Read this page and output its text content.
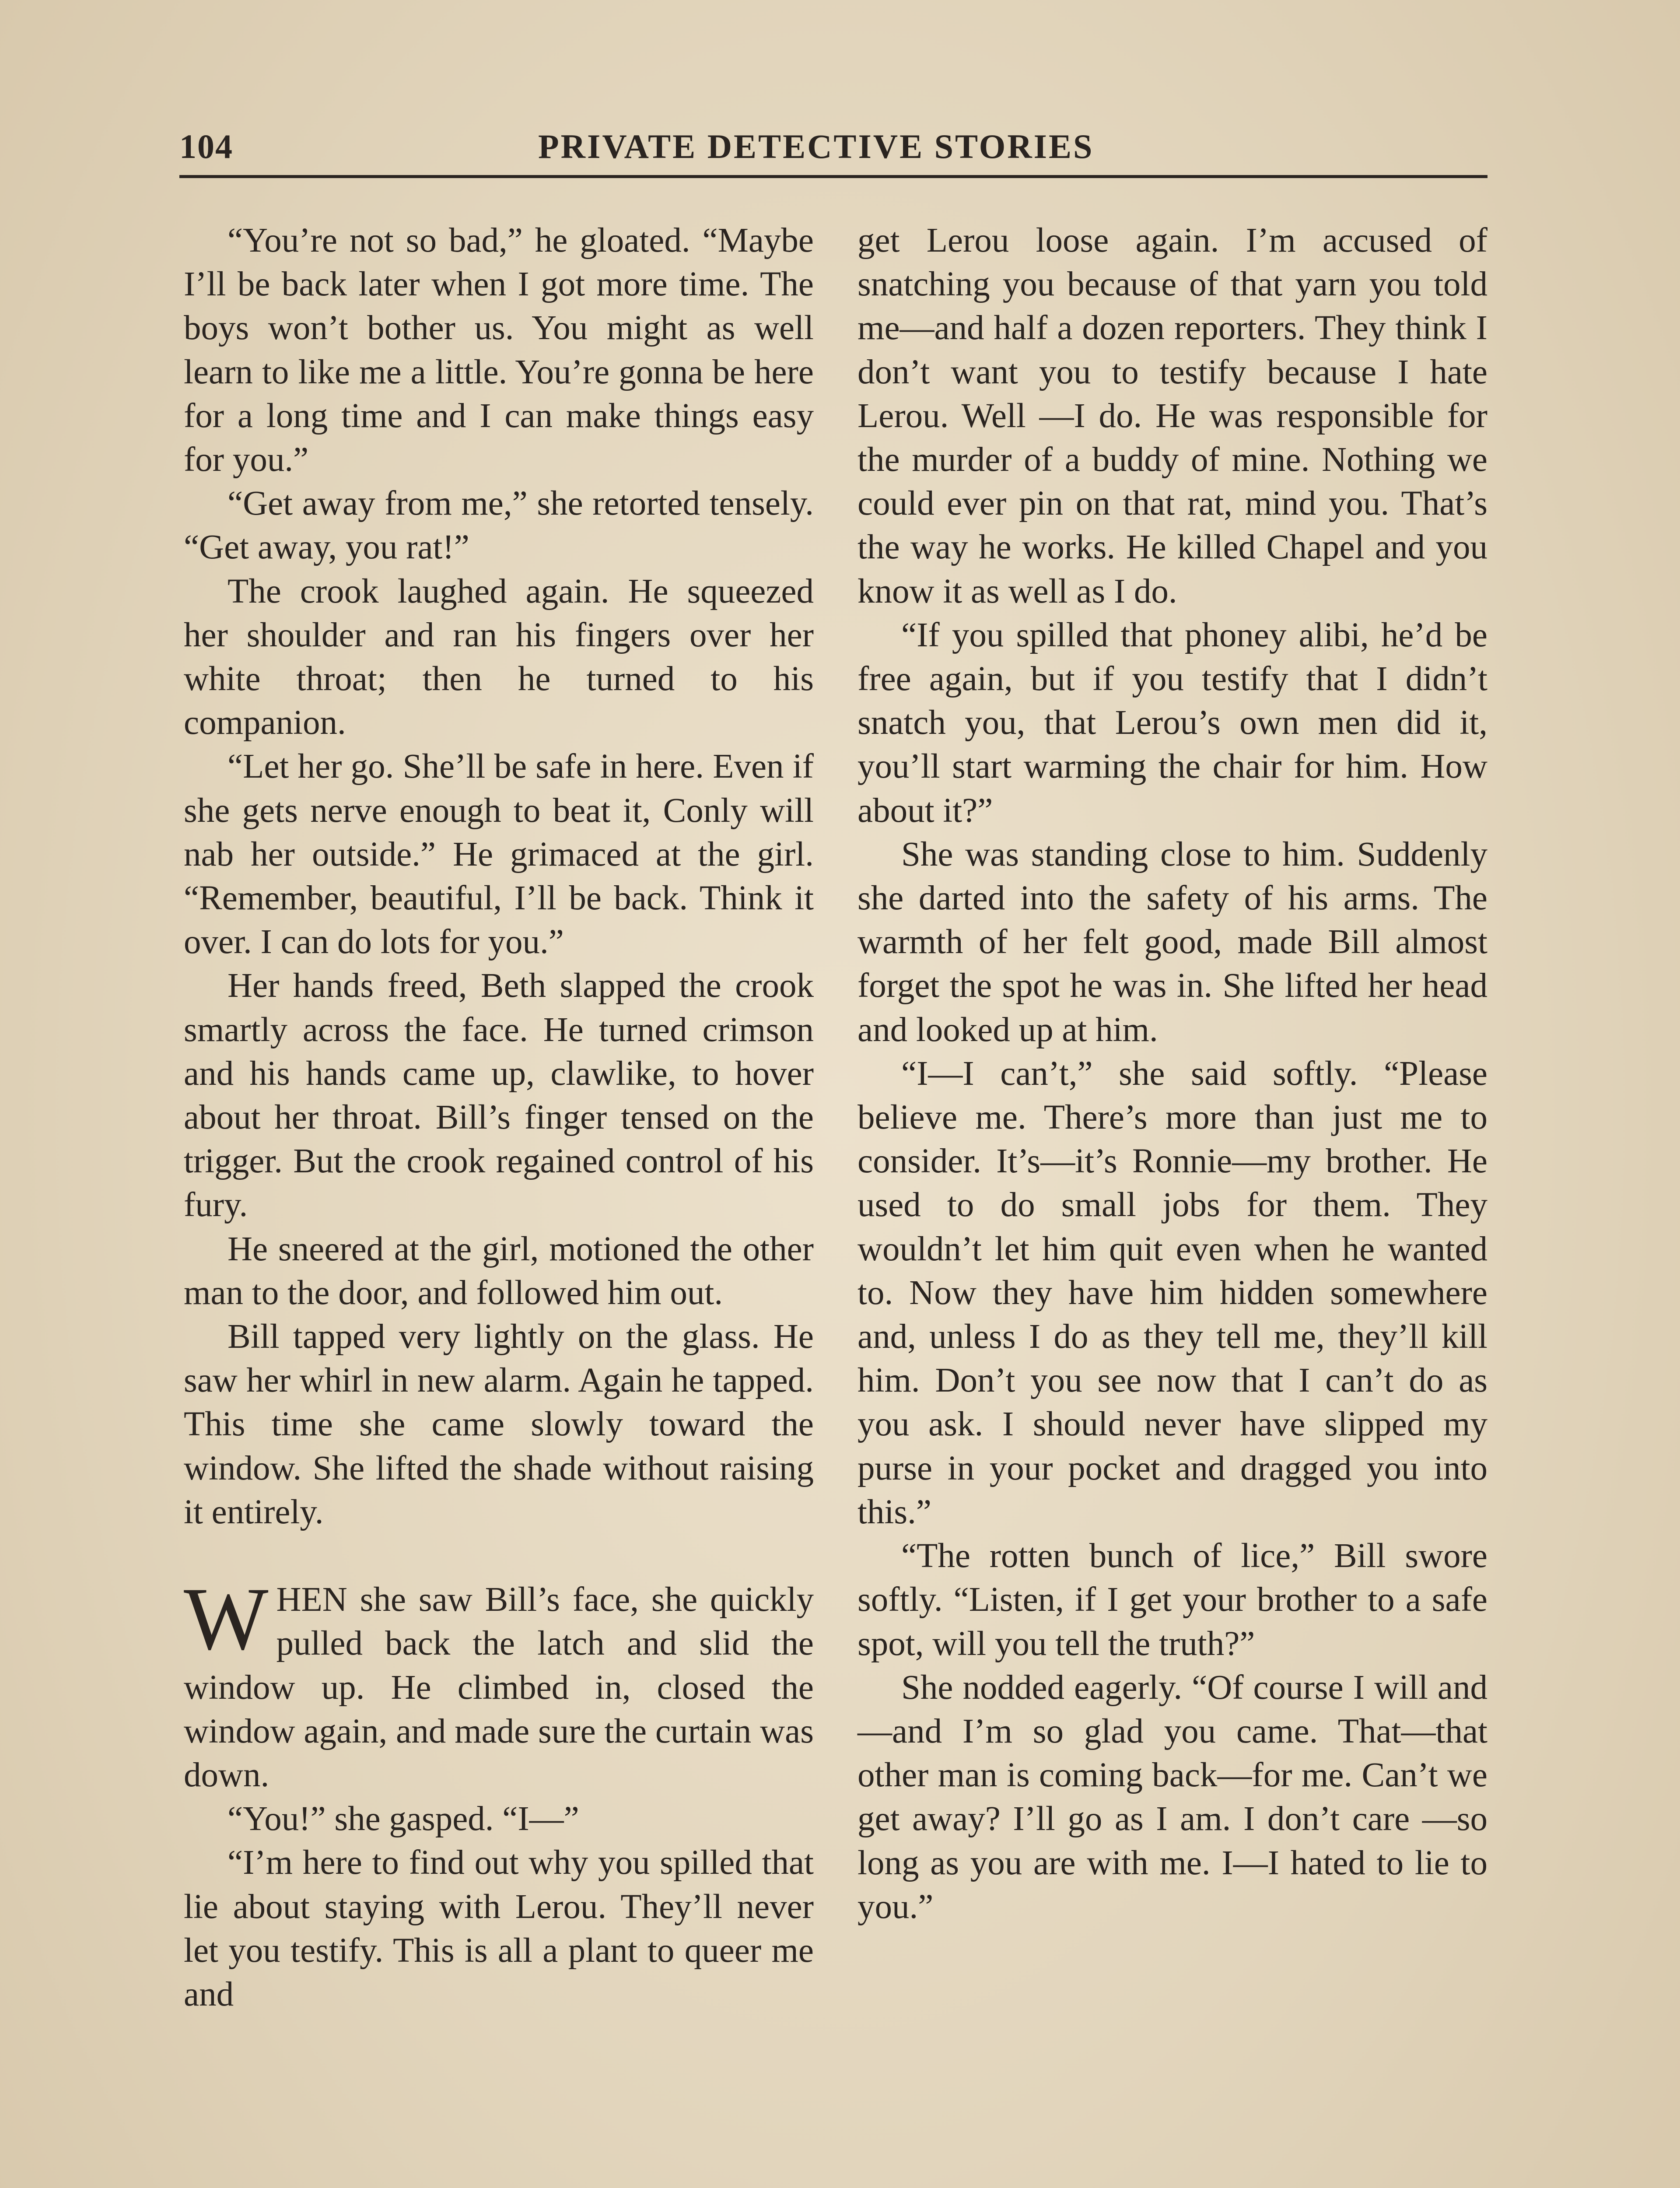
104	PRIVATE DETECTIVE STORIES

“You’re not so bad,” he gloated. “Maybe I’ll be back later when I got more time. The boys won’t bother us. You might as well learn to like me a little. You’re gonna be here for a long time and I can make things easy for you.”

“Get away from me,” she retorted tensely. “Get away, you rat!”

The crook laughed again. He squeezed her shoulder and ran his fingers over her white throat; then he turned to his companion.

“Let her go. She’ll be safe in here. Even if she gets nerve enough to beat it, Conly will nab her outside.” He grimaced at the girl. “Remember, beautiful, I’ll be back. Think it over. I can do lots for you.”

Her hands freed, Beth slapped the crook smartly across the face. He turned crimson and his hands came up, clawlike, to hover about her throat. Bill’s finger tensed on the trigger. But the crook regained control of his fury.

He sneered at the girl, motioned the other man to the door, and followed him out.

Bill tapped very lightly on the glass. He saw her whirl in new alarm. Again he tapped. This time she came slowly toward the window. She lifted the shade without raising it entirely.

WHEN she saw Bill’s face, she quickly pulled back the latch and slid the window up. He climbed in, closed the window again, and made sure the curtain was down.

“You!” she gasped. “I—”

“I’m here to find out why you spilled that lie about staying with Lerou. They’ll never let you testify. This is all a plant to queer me and

get Lerou loose again. I’m accused of snatching you because of that yarn you told me—and half a dozen reporters. They think I don’t want you to testify because I hate Lerou. Well —I do. He was responsible for the murder of a buddy of mine. Nothing we could ever pin on that rat, mind you. That’s the way he works. He killed Chapel and you know it as well as I do.

“If you spilled that phoney alibi, he’d be free again, but if you testify that I didn’t snatch you, that Lerou’s own men did it, you’ll start warming the chair for him. How about it?”

She was standing close to him. Suddenly she darted into the safety of his arms. The warmth of her felt good, made Bill almost forget the spot he was in. She lifted her head and looked up at him.

“I—I can’t,” she said softly. “Please believe me. There’s more than just me to consider. It’s—it’s Ronnie—my brother. He used to do small jobs for them. They wouldn’t let him quit even when he wanted to. Now they have him hidden somewhere and, unless I do as they tell me, they’ll kill him. Don’t you see now that I can’t do as you ask. I should never have slipped my purse in your pocket and dragged you into this.”

“The rotten bunch of lice,” Bill swore softly. “Listen, if I get your brother to a safe spot, will you tell the truth?”

She nodded eagerly. “Of course I will and—and I’m so glad you came. That—that other man is coming back—for me. Can’t we get away? I’ll go as I am. I don’t care —so long as you are with me. I—I hated to lie to you.”
